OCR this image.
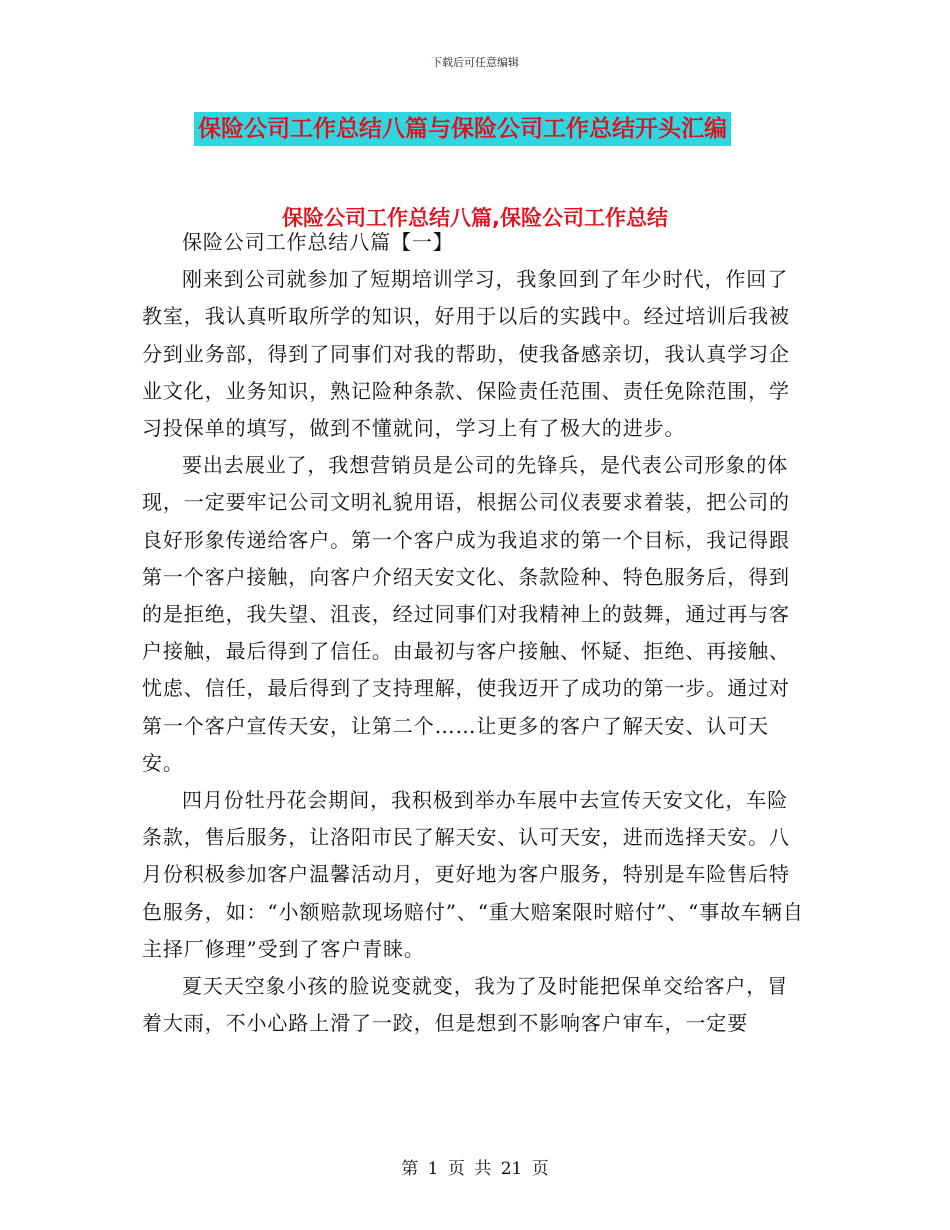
下载后可任意编辑
保险公司工作总结八篇与保险公司工作总结开头汇编
保险公司工作总结八篇,保险公司工作总结

保险公司工作总结八篇【一】

刚来到公司就参加了短期培训学习，我象回到了年少时代，作回了教室，我认真听取所学的知识，好用于以后的实践中。经过培训后我被分到业务部，得到了同事们对我的帮助，使我备感亲切，我认真学习企业文化，业务知识，熟记险种条款、保险责任范围、责任免除范围，学习投保单的填写，做到不懂就问，学习上有了极大的进步。

要出去展业了，我想营销员是公司的先锋兵，是代表公司形象的体现，一定要牢记公司文明礼貌用语，根据公司仪表要求着装，把公司的良好形象传递给客户。第一个客户成为我追求的第一个目标，我记得跟第一个客户接触，向客户介绍天安文化、条款险种、特色服务后，得到的是拒绝，我失望、沮丧，经过同事们对我精神上的鼓舞，通过再与客户接触，最后得到了信任。由最初与客户接触、怀疑、拒绝、再接触、忧虑、信任，最后得到了支持理解，使我迈开了成功的第一步。通过对第一个客户宣传天安，让第二个……让更多的客户了解天安、认可天安。

四月份牡丹花会期间，我积极到举办车展中去宣传天安文化，车险条款，售后服务，让洛阳市民了解天安、认可天安，进而选择天安。八月份积极参加客户温馨活动月，更好地为客户服务，特别是车险售后特色服务，如：“小额赔款现场赔付”、“重大赔案限时赔付”、“事故车辆自主择厂修理”受到了客户青睐。

夏天天空象小孩的脸说变就变，我为了及时能把保单交给客户，冒着大雨，不小心路上滑了一跤，但是想到不影响客户审车，一定要

第 1 页 共 21 页
